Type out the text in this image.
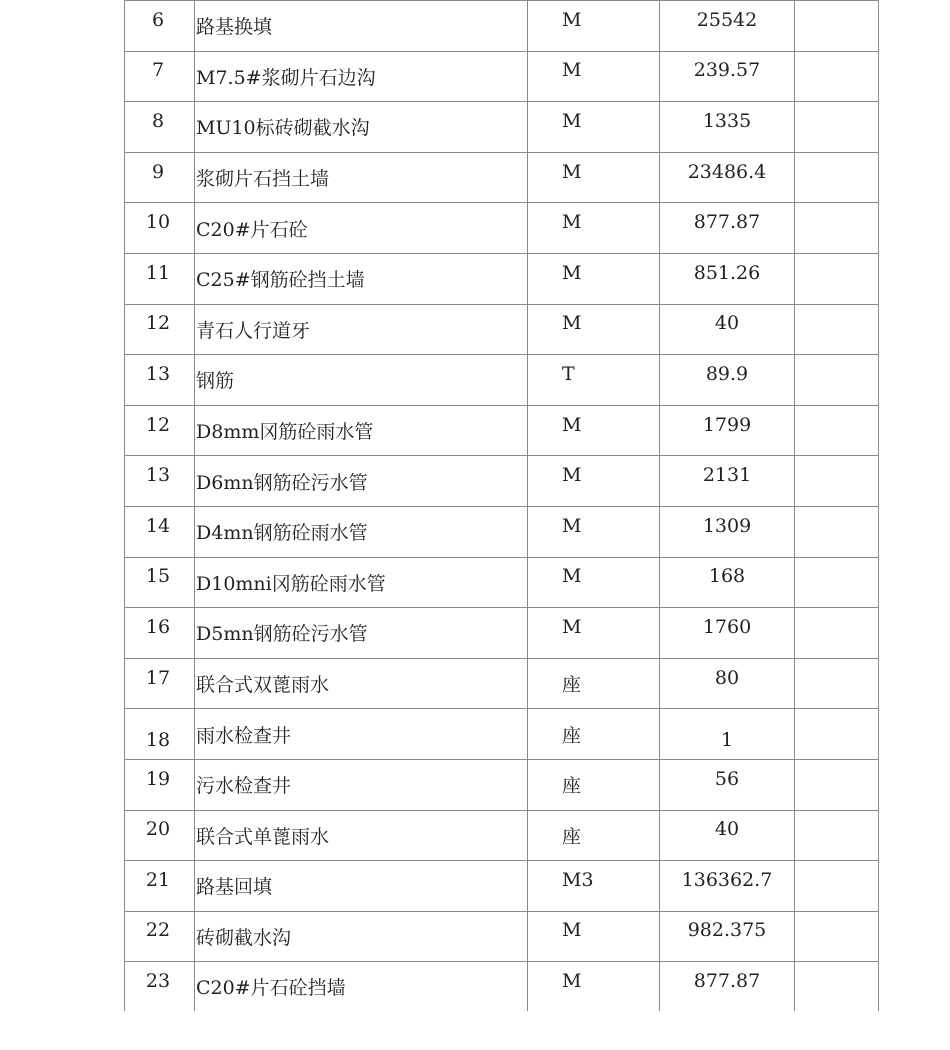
6	路基换填	M	25542	
7	M7.5#浆砌片石边沟	M	239.57	
8	MU10标砖砌截水沟	M	1335	
9	浆砌片石挡土墙	M	23486.4	
10	C20#片石砼	M	877.87	
11	C25#钢筋砼挡土墙	M	851.26	
12	青石人行道牙	M	40	
13	钢筋	T	89.9	
12	D8mm冈筋砼雨水管	M	1799	
13	D6mn钢筋砼污水管	M	2131	
14	D4mn钢筋砼雨水管	M	1309	
15	D10mni冈筋砼雨水管	M	168	
16	D5mn钢筋砼污水管	M	1760	
17	联合式双蓖雨水	座	80	
18	雨水检查井	座	1	
19	污水检查井	座	56	
20	联合式单蓖雨水	座	40	
21	路基回填	M3	136362.7	
22	砖砌截水沟	M	982.375	
23	C20#片石砼挡墙	M	877.87	
